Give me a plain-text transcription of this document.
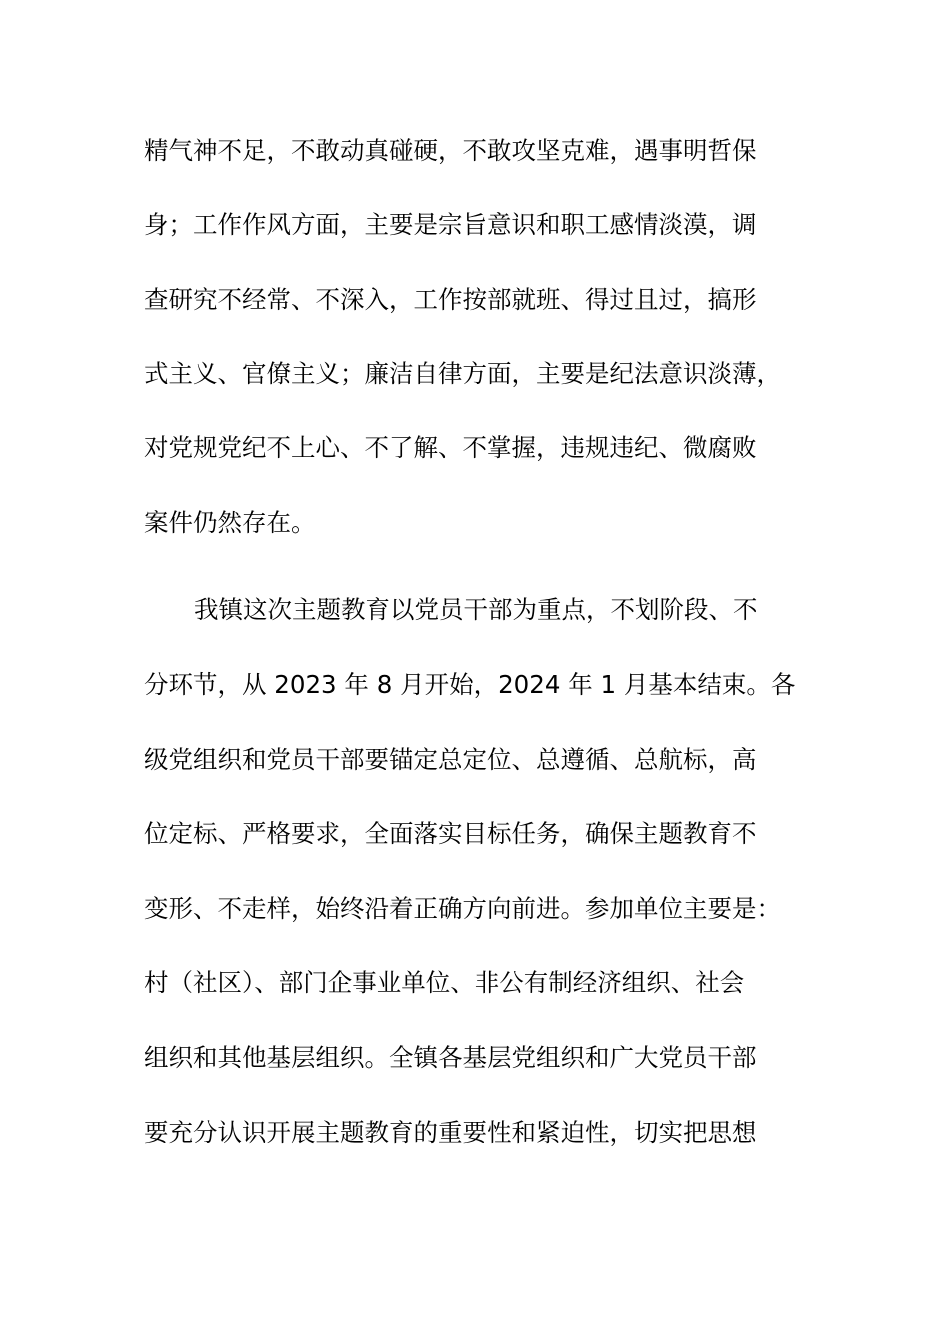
精气神不足，不敢动真碰硬，不敢攻坚克难，遇事明哲保
身；工作作风方面，主要是宗旨意识和职工感情淡漠，调
查研究不经常、不深入，工作按部就班、得过且过，搞形
式主义、官僚主义；廉洁自律方面，主要是纪法意识淡薄，
对党规党纪不上心、不了解、不掌握，违规违纪、微腐败
案件仍然存在。
我镇这次主题教育以党员干部为重点，不划阶段、不
分环节，从 2023 年 8 月开始，2024 年 1 月基本结束。各
级党组织和党员干部要锚定总定位、总遵循、总航标，高
位定标、严格要求，全面落实目标任务，确保主题教育不
变形、不走样，始终沿着正确方向前进。参加单位主要是：
村（社区）、部门企事业单位、非公有制经济组织、社会
组织和其他基层组织。全镇各基层党组织和广大党员干部
要充分认识开展主题教育的重要性和紧迫性，切实把思想
